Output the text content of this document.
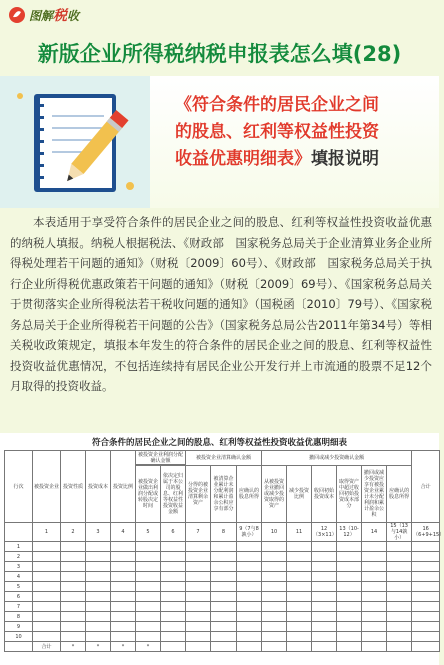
图解税收
新版企业所得税纳税申报表怎么填(28)
《符合条件的居民企业之间
的股息、红利等权益性投资
收益优惠明细表》填报说明

本表适用于享受符合条件的居民企业之间的股息、红利等权益性投资收益优惠的纳税人填报。纳税人根据税法、《财政部　国家税务总局关于企业清算业务企业所得税处理若干问题的通知》（财税〔2009〕60号）、《财政部　国家税务总局关于执行企业所得税优惠政策若干问题的通知》（财税〔2009〕69号）、《国家税务总局关于贯彻落实企业所得税法若干税收问题的通知》（国税函〔2010〕79号）、《国家税务总局关于企业所得税若干问题的公告》（国家税务总局公告2011年第34号）等相关税收政策规定，填报本年发生的符合条件的居民企业之间的股息、红利等权益性投资收益优惠情况，不包括连续持有居民企业公开发行并上市流通的股票不足12个月取得的投资收益。

符合条件的居民企业之间的股息、红利等权益性投资收益优惠明细表
行次	被投资企业	投资性质	投资成本	投资比例	被投资企业利润分配确认金额		被投资企业清算确认金额			撤回或减少投资确认金额						合计

					被投资企业做出利润分配或转股决定时间	依决定归属于本公司的股息、红利等权益性投资收益金额	分得的被投资企业清算剩余资产	被清算企业累计未分配利润和累计盈余公积应享有部分	应确认的股息所得	从被投资企业撤回或减少投资取得的资产	减少投资比例	收回初始投资成本	取得资产中超过收回初始投资成本部分	撤回或减少投资应享有被投资企业累计未分配利润和累计盈余公积	应确认的股息所得	
	1	2	3	4	5	6	7	8	9（7与8孰小）	10	11	12（3×11）	13（10-12）	14	15（13与14孰小）	16（6+9+15）
1																
2																
3																
4																
5																
6																
7																
8																
9																
10																
	合计	*	*	*	*											
